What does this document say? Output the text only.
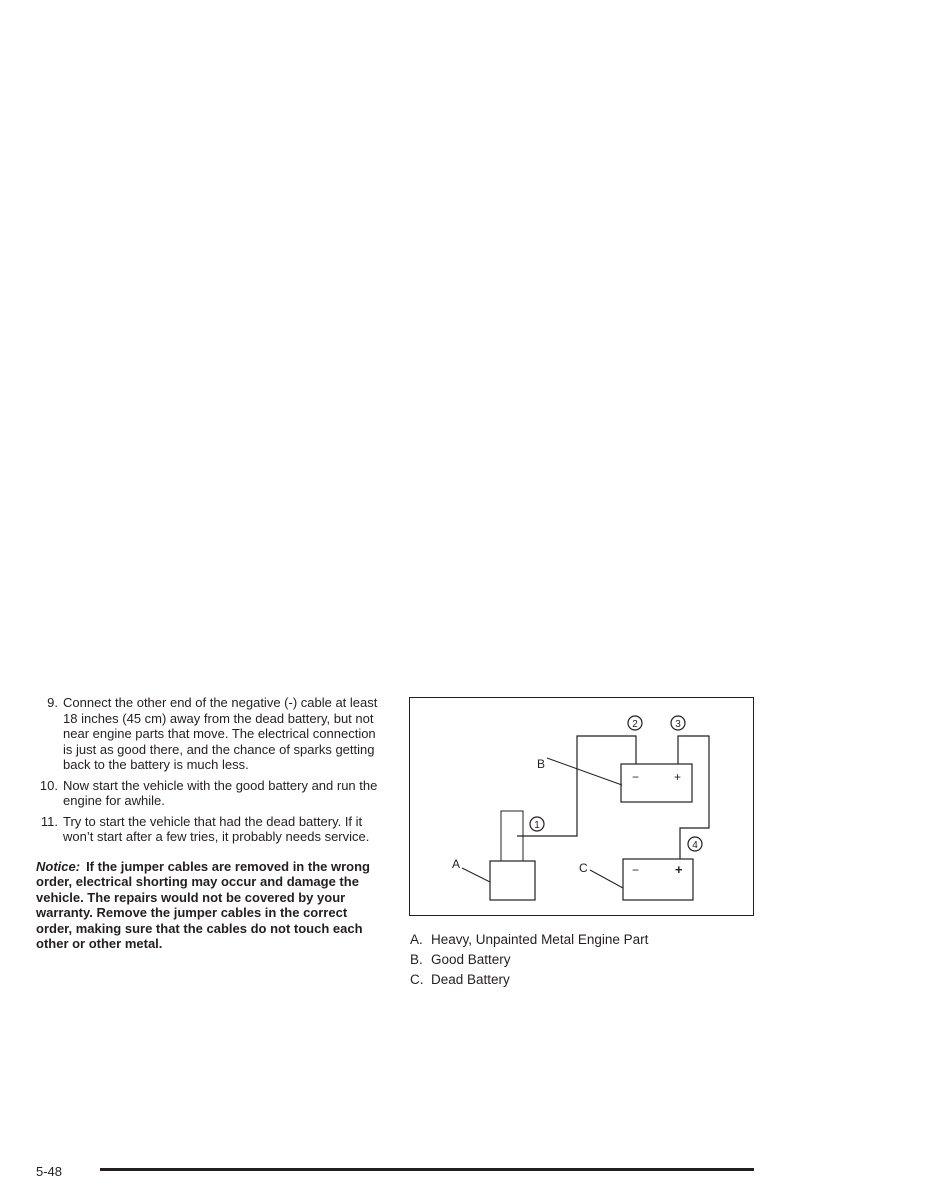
9. Connect the other end of the negative (-) cable at least 18 inches (45 cm) away from the dead battery, but not near engine parts that move. The electrical connection is just as good there, and the chance of sparks getting back to the battery is much less.
10. Now start the vehicle with the good battery and run the engine for awhile.
11. Try to start the vehicle that had the dead battery. If it won’t start after a few tries, it probably needs service.
Notice: If the jumper cables are removed in the wrong order, electrical shorting may occur and damage the vehicle. The repairs would not be covered by your warranty. Remove the jumper cables in the correct order, making sure that the cables do not touch each other or other metal.
B
A	C
−	+
−	+
1
2	3
4
A. Heavy, Unpainted Metal Engine Part
B. Good Battery
C. Dead Battery
5-48
